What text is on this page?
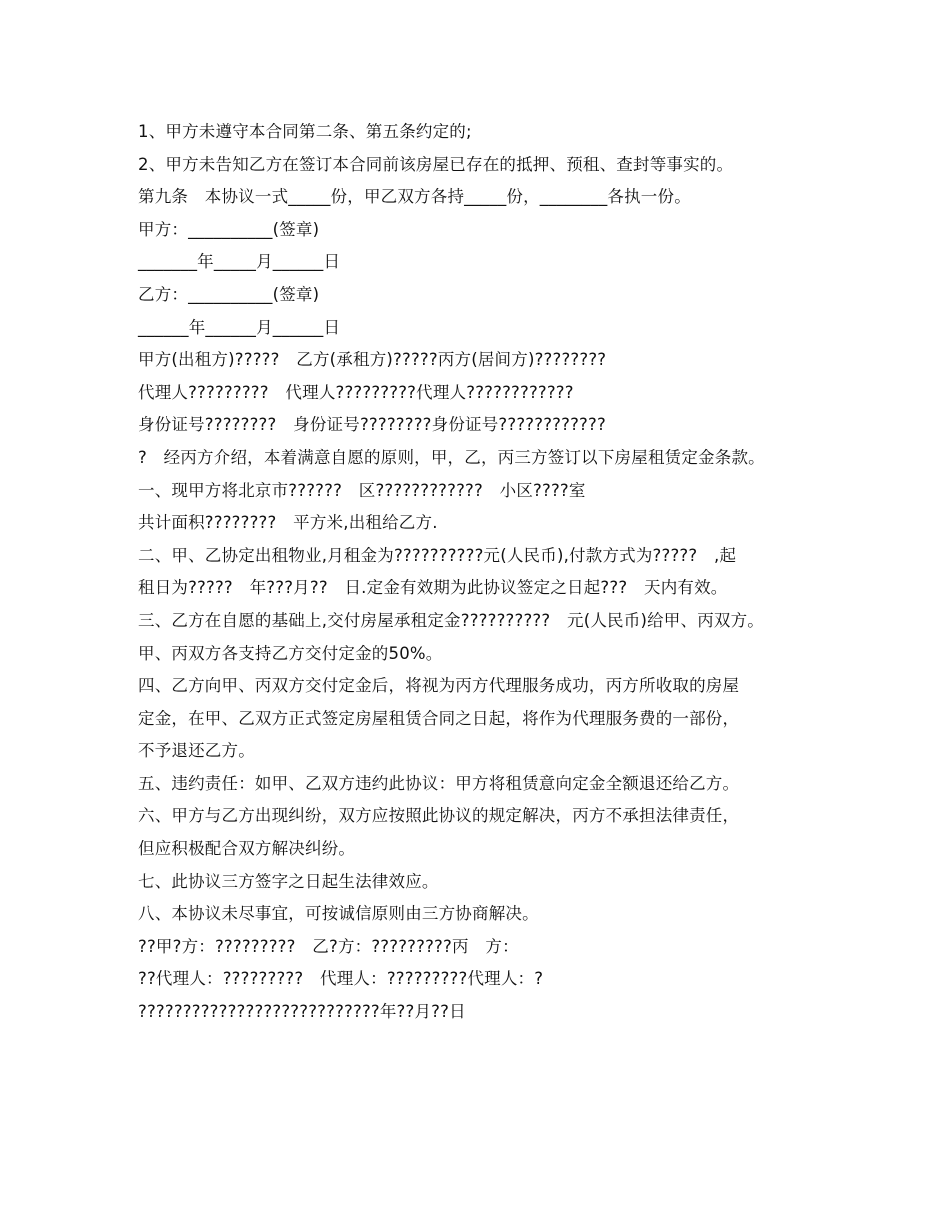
1、甲方未遵守本合同第二条、第五条约定的;
2、甲方未告知乙方在签订本合同前该房屋已存在的抵押、预租、查封等事实的。
第九条　本协议一式_____份，甲乙双方各持_____份，________各执一份。
甲方：__________(签章)
_______年_____月______日
乙方：__________(签章)
______年______月______日
甲方(出租方)?????　乙方(承租方)?????丙方(居间方)????????
代理人?????????　代理人?????????代理人????????????
身份证号????????　身份证号????????身份证号????????????
?　经丙方介绍，本着满意自愿的原则，甲，乙，丙三方签订以下房屋租赁定金条款。
一、现甲方将北京市??????　区????????????　小区????室
共计面积????????　平方米,出租给乙方.
二、甲、乙协定出租物业,月租金为??????????元(人民币),付款方式为?????　,起
租日为?????　年???月??　日.定金有效期为此协议签定之日起???　天内有效。
三、乙方在自愿的基础上,交付房屋承租定金??????????　元(人民币)给甲、丙双方。
甲、丙双方各支持乙方交付定金的50%。
四、乙方向甲、丙双方交付定金后，将视为丙方代理服务成功，丙方所收取的房屋
定金，在甲、乙双方正式签定房屋租赁合同之日起，将作为代理服务费的一部份，
不予退还乙方。
五、违约责任：如甲、乙双方违约此协议：甲方将租赁意向定金全额退还给乙方。
六、甲方与乙方出现纠纷，双方应按照此协议的规定解决，丙方不承担法律责任，
但应积极配合双方解决纠纷。
七、此协议三方签字之日起生法律效应。
八、本协议未尽事宜，可按诚信原则由三方协商解决。
??甲?方：?????????　乙?方：?????????丙　方：
??代理人：?????????　代理人：?????????代理人：?
???????????????????????????年??月??日
